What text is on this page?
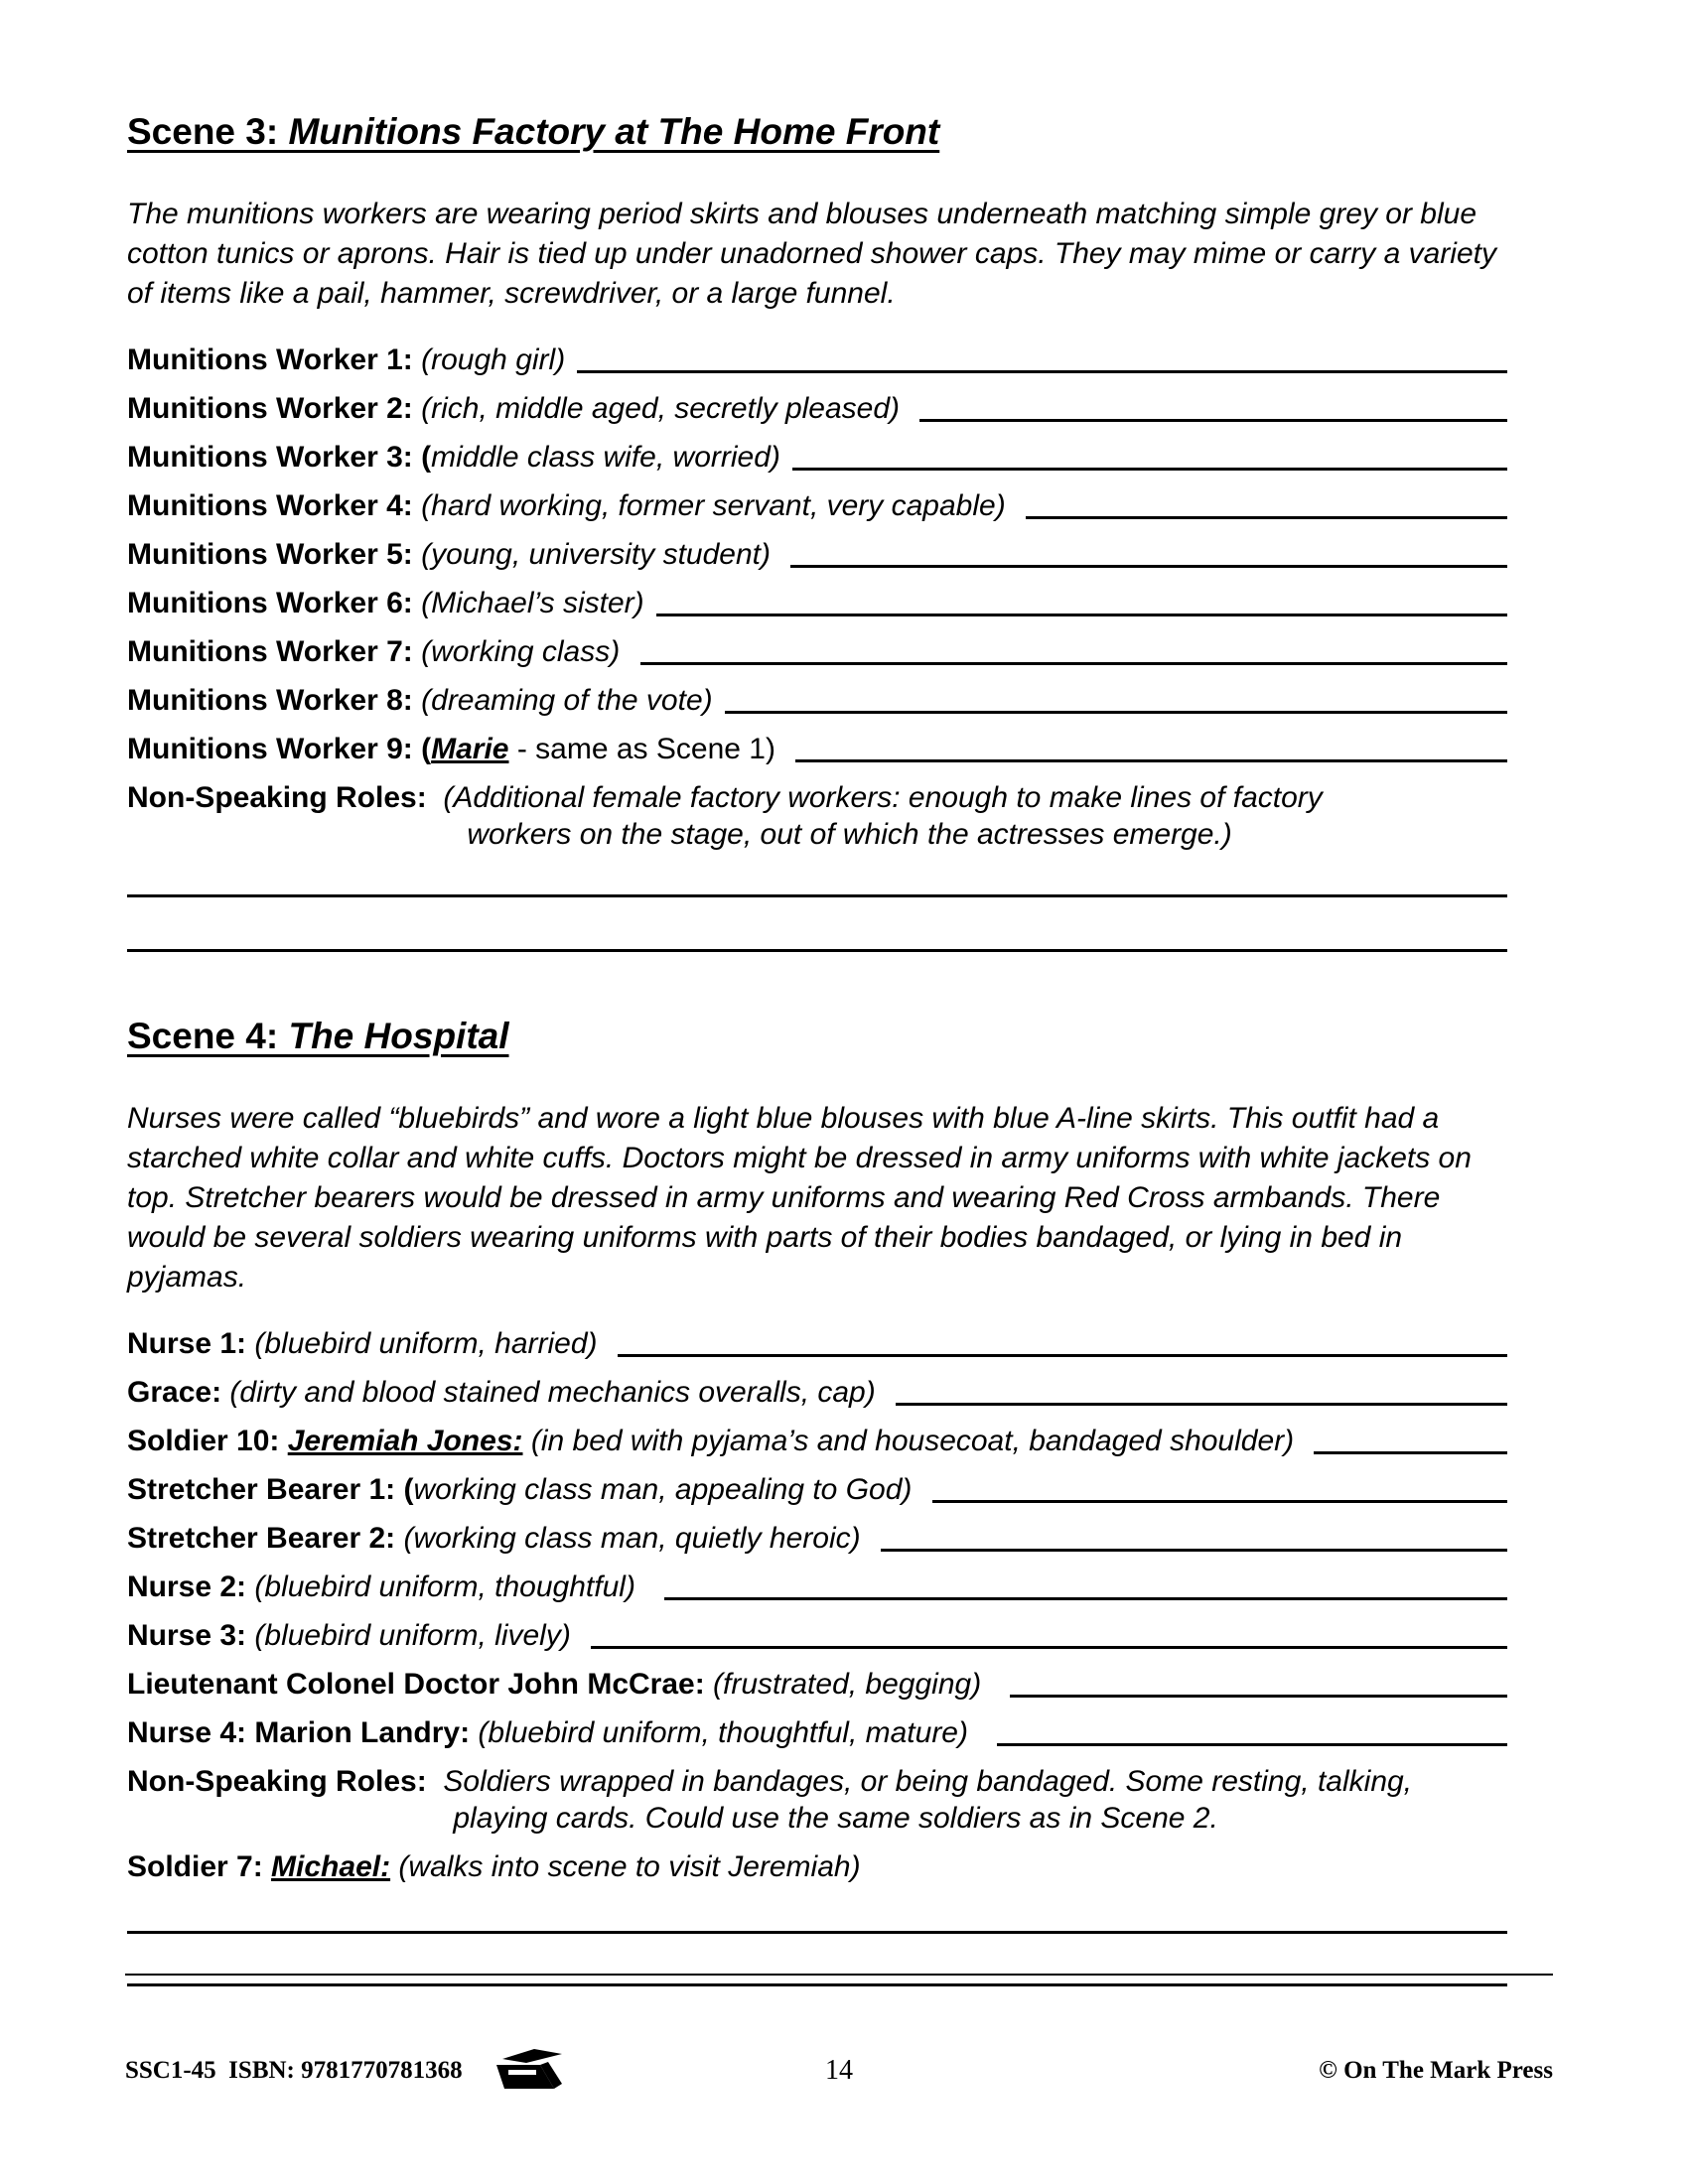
Scene 3: Munitions Factory at The Home Front

The munitions workers are wearing period skirts and blouses underneath matching simple grey or blue cotton tunics or aprons. Hair is tied up under unadorned shower caps. They may mime or carry a variety of items like a pail, hammer, screwdriver, or a large funnel.

Munitions Worker 1: (rough girl)
Munitions Worker 2: (rich, middle aged, secretly pleased)
Munitions Worker 3: ( middle class wife, worried)
Munitions Worker 4: (hard working, former servant, very capable)
Munitions Worker 5: (young, university student)
Munitions Worker 6: (Michael’s sister)
Munitions Worker 7: (working class)
Munitions Worker 8: (dreaming of the vote)
Munitions Worker 9: ( Marie - same as Scene 1)
Non-Speaking Roles: (Additional female factory workers: enough to make lines of factory
workers on the stage, out of which the actresses emerge.)
Scene 4: The Hospital

Nurses were called “bluebirds” and wore a light blue blouses with blue A-line skirts. This outfit had a starched white collar and white cuffs. Doctors might be dressed in army uniforms with white jackets on top. Stretcher bearers would be dressed in army uniforms and wearing Red Cross armbands. There would be several soldiers wearing uniforms with parts of their bodies bandaged, or lying in bed in pyjamas.

Nurse 1: (bluebird uniform, harried)
Grace: (dirty and blood stained mechanics overalls, cap)
Soldier 10: Jeremiah Jones: (in bed with pyjama’s and housecoat, bandaged shoulder)
Stretcher Bearer 1: ( working class man, appealing to God)
Stretcher Bearer 2: (working class man, quietly heroic)
Nurse 2: (bluebird uniform, thoughtful)
Nurse 3: (bluebird uniform, lively)
Lieutenant Colonel Doctor John McCrae: (frustrated, begging)
Nurse 4: Marion Landry: (bluebird uniform, thoughtful, mature)
Non-Speaking Roles: Soldiers wrapped in bandages, or being bandaged. Some resting, talking,
playing cards. Could use the same soldiers as in Scene 2.
Soldier 7: Michael: (walks into scene to visit Jeremiah)
SSC1-45  ISBN: 9781770781368

	14	© On The Mark Press
